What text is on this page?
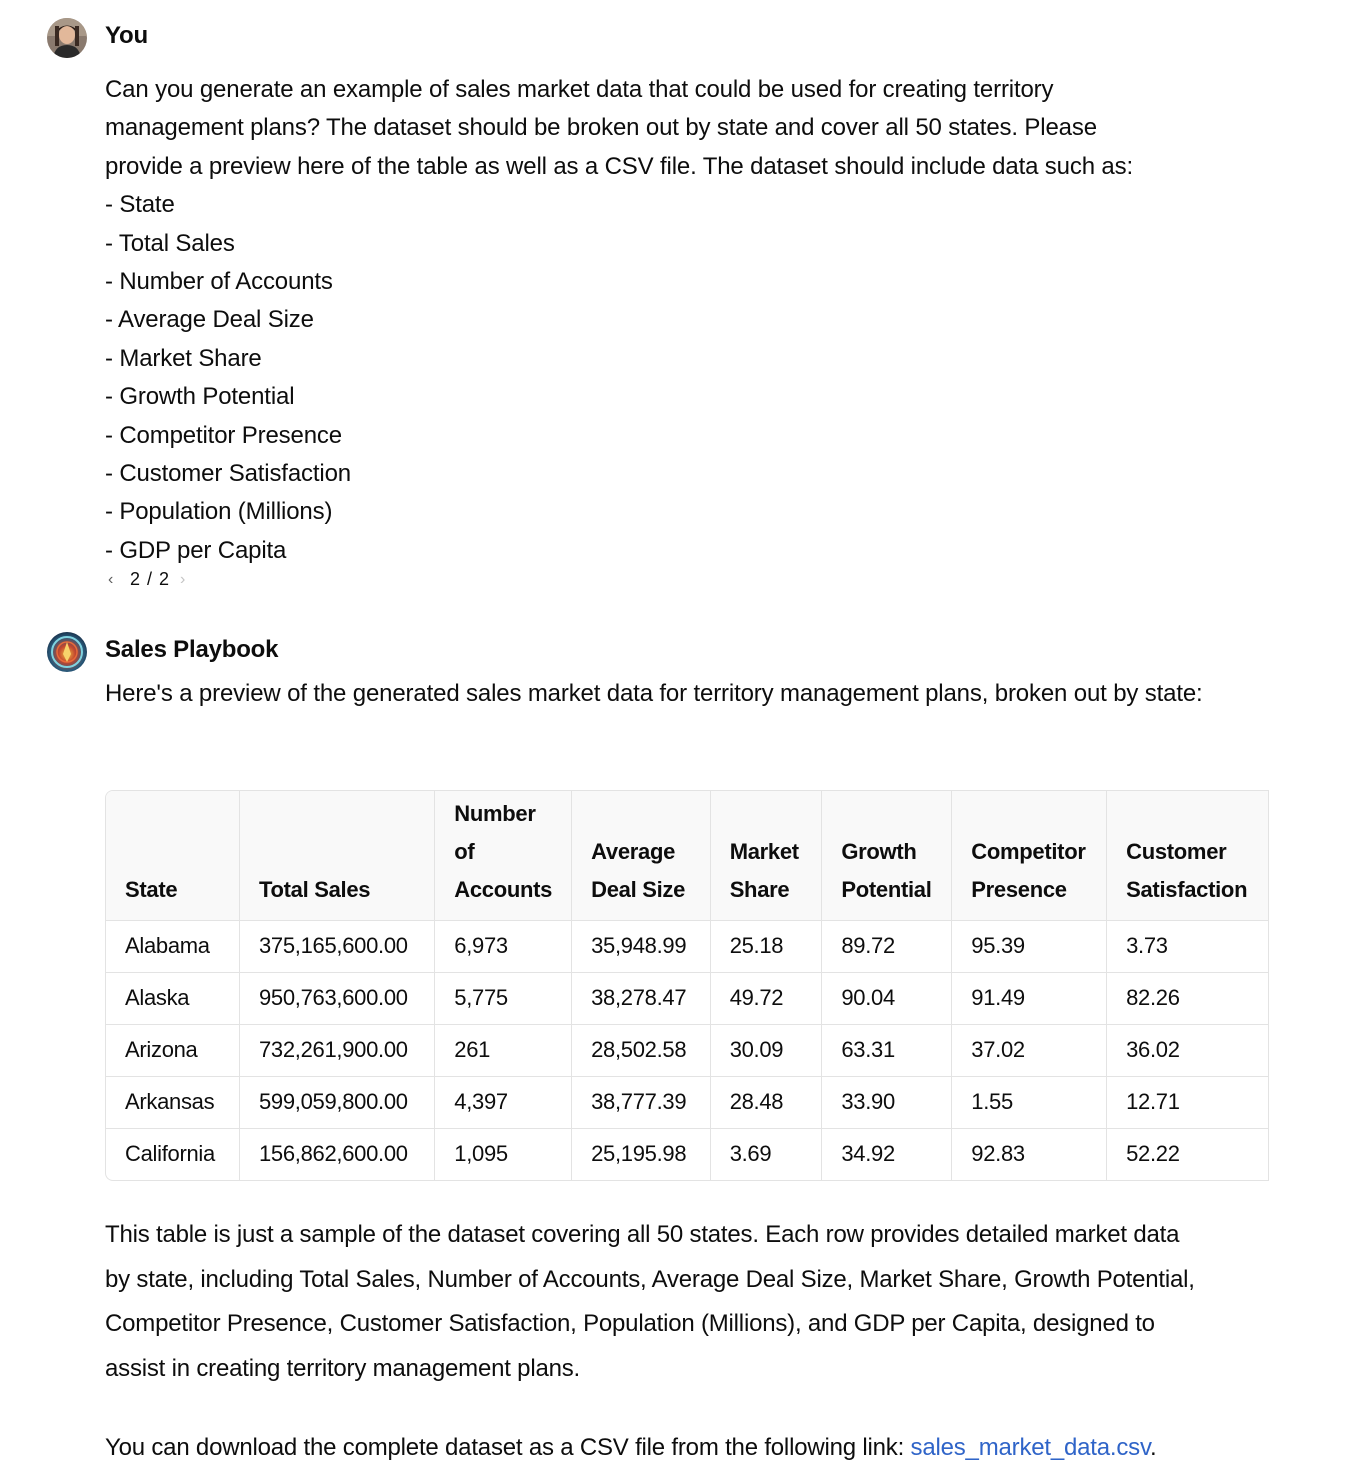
You

Can you generate an example of sales market data that could be used for creating territory

management plans? The dataset should be broken out by state and cover all 50 states. Please

provide a preview here of the table as well as a CSV file. The dataset should include data such as:

- State

- Total Sales

- Number of Accounts

- Average Deal Size

- Market Share

- Growth Potential

- Competitor Presence

- Customer Satisfaction

- Population (Millions)

- GDP per Capita

‹ 2 / 2 ›
Sales Playbook
Here's a preview of the generated sales market data for territory management plans, broken out by state:
State	Total Sales	Number of Accounts	Average Deal Size	Market Share	Growth Potential	Competitor Presence	Customer Satisfaction
Alabama	375,165,600.00	6,973	35,948.99	25.18	89.72	95.39	3.73
Alaska	950,763,600.00	5,775	38,278.47	49.72	90.04	91.49	82.26
Arizona	732,261,900.00	261	28,502.58	30.09	63.31	37.02	36.02
Arkansas	599,059,800.00	4,397	38,777.39	28.48	33.90	1.55	12.71
California	156,862,600.00	1,095	25,195.98	3.69	34.92	92.83	52.22

This table is just a sample of the dataset covering all 50 states. Each row provides detailed market data

by state, including Total Sales, Number of Accounts, Average Deal Size, Market Share, Growth Potential,

Competitor Presence, Customer Satisfaction, Population (Millions), and GDP per Capita, designed to

assist in creating territory management plans.

You can download the complete dataset as a CSV file from the following link: sales_market_data.csv.
